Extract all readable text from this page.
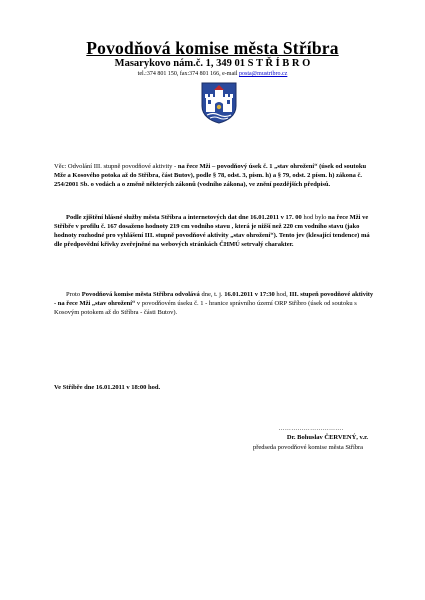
Povodňová komise města Stříbra
Masarykovo nám.č. 1, 349 01 S T Ř Í B R O
tel.:374 801 150, fax:374 801 166, e-mail posta@mustribro.cz
Věc: Odvolání III. stupně povodňové aktivity - na řece Mži – povodňový úsek č. 1 „stav ohrožení“ (úsek od soutoku Mže a Kosového potoka až do Stříbra, část Butov), podle § 78, odst. 3, písm. h) a § 79, odst. 2 písm. h) zákona č. 254/2001 Sb. o vodách a o změně některých zákonů (vodního zákona), ve znění pozdějších předpisů.
Podle zjištění hlásné služby města Stříbra a internetových dat dne 16.01.2011 v 17. 00 hod bylo na řece Mži ve Stříbře v profilu č. 167 dosaženo hodnoty 219 cm vodního stavu , která je nižší než 220 cm vodního stavu (jako hodnoty rozhodné pro vyhlášení III. stupně povodňové aktivity „stav ohrožení“). Tento jev (klesající tendence) má dle předpovědní křivky zveřejněné na webových stránkách ČHMÚ setrvalý charakter.
Proto Povodňová komise města Stříbra odvolává dne, t. j. 16.01.2011 v 17:30 hod, III. stupeň povodňové aktivity - na řece Mži „stav ohrožení“ v povodňovém úseku č. 1 - hranice správního území ORP Stříbro (úsek od soutoku s Kosovým potokem až do Stříbra - části Butov).
Ve Stříbře dne 16.01.2011 v 18:00 hod.
………………………….
Dr. Bohuslav ČERVENÝ, v.r.
předseda povodňové komise města Stříbra
